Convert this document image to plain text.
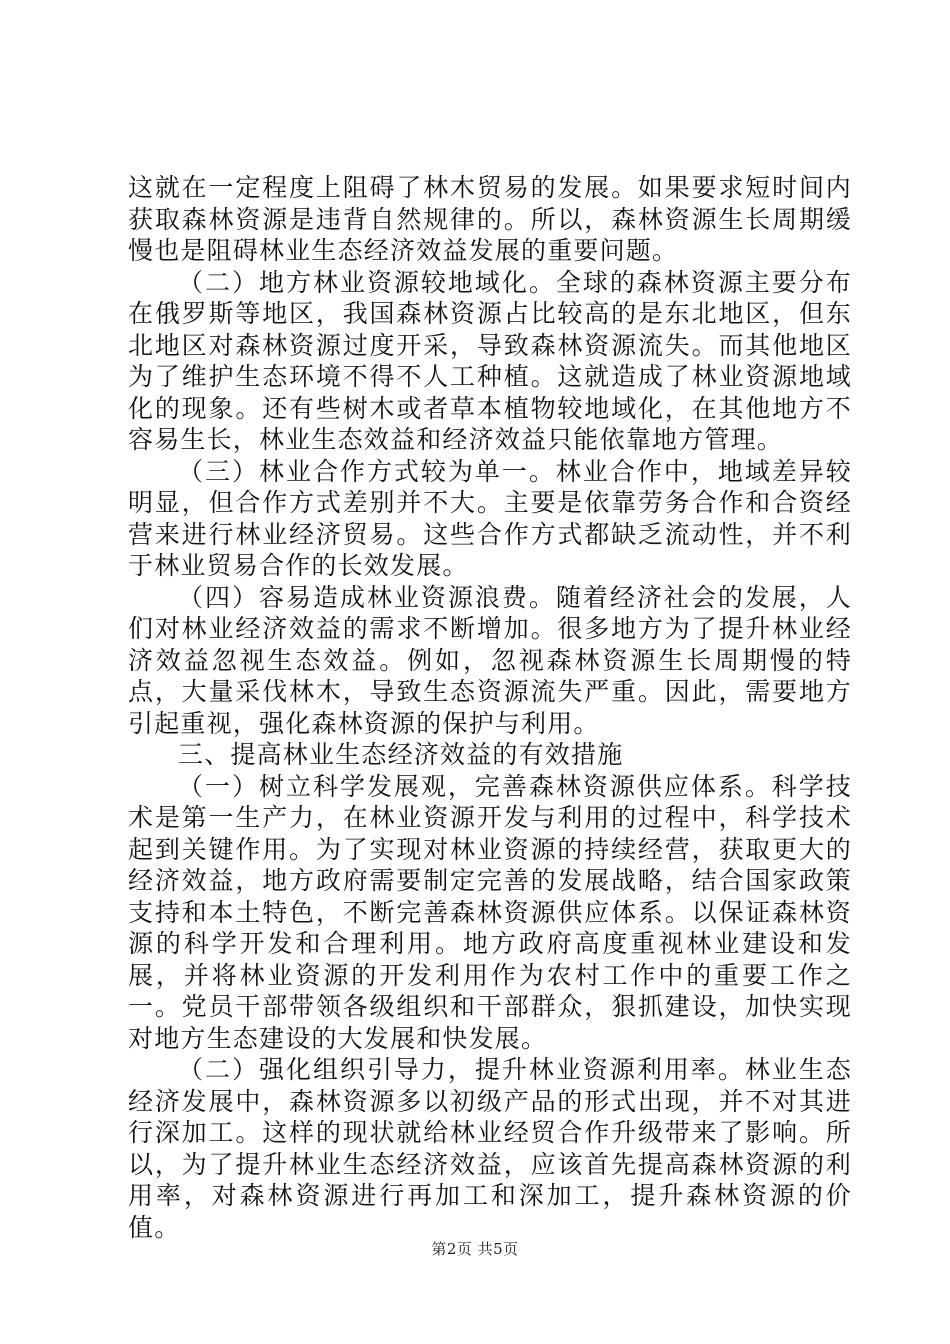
这就在一定程度上阻碍了林木贸易的发展。如果要求短时间内获取森林资源是违背自然规律的。所以，森林资源生长周期缓慢也是阻碍林业生态经济效益发展的重要问题。

（二）地方林业资源较地域化。全球的森林资源主要分布在俄罗斯等地区，我国森林资源占比较高的是东北地区，但东北地区对森林资源过度开采，导致森林资源流失。而其他地区为了维护生态环境不得不人工种植。这就造成了林业资源地域化的现象。还有些树木或者草本植物较地域化，在其他地方不容易生长，林业生态效益和经济效益只能依靠地方管理。

（三）林业合作方式较为单一。林业合作中，地域差异较明显，但合作方式差别并不大。主要是依靠劳务合作和合资经营来进行林业经济贸易。这些合作方式都缺乏流动性，并不利于林业贸易合作的长效发展。

（四）容易造成林业资源浪费。随着经济社会的发展，人们对林业经济效益的需求不断增加。很多地方为了提升林业经济效益忽视生态效益。例如，忽视森林资源生长周期慢的特点，大量采伐林木，导致生态资源流失严重。因此，需要地方引起重视，强化森林资源的保护与利用。

三、提高林业生态经济效益的有效措施

（一）树立科学发展观，完善森林资源供应体系。科学技术是第一生产力，在林业资源开发与利用的过程中，科学技术起到关键作用。为了实现对林业资源的持续经营，获取更大的经济效益，地方政府需要制定完善的发展战略，结合国家政策支持和本土特色，不断完善森林资源供应体系。以保证森林资源的科学开发和合理利用。地方政府高度重视林业建设和发展，并将林业资源的开发利用作为农村工作中的重要工作之一。党员干部带领各级组织和干部群众，狠抓建设，加快实现对地方生态建设的大发展和快发展。

（二）强化组织引导力，提升林业资源利用率。林业生态经济发展中，森林资源多以初级产品的形式出现，并不对其进行深加工。这样的现状就给林业经贸合作升级带来了影响。所以，为了提升林业生态经济效益，应该首先提高森林资源的利用率，对森林资源进行再加工和深加工，提升森林资源的价值。

第2页 共5页
